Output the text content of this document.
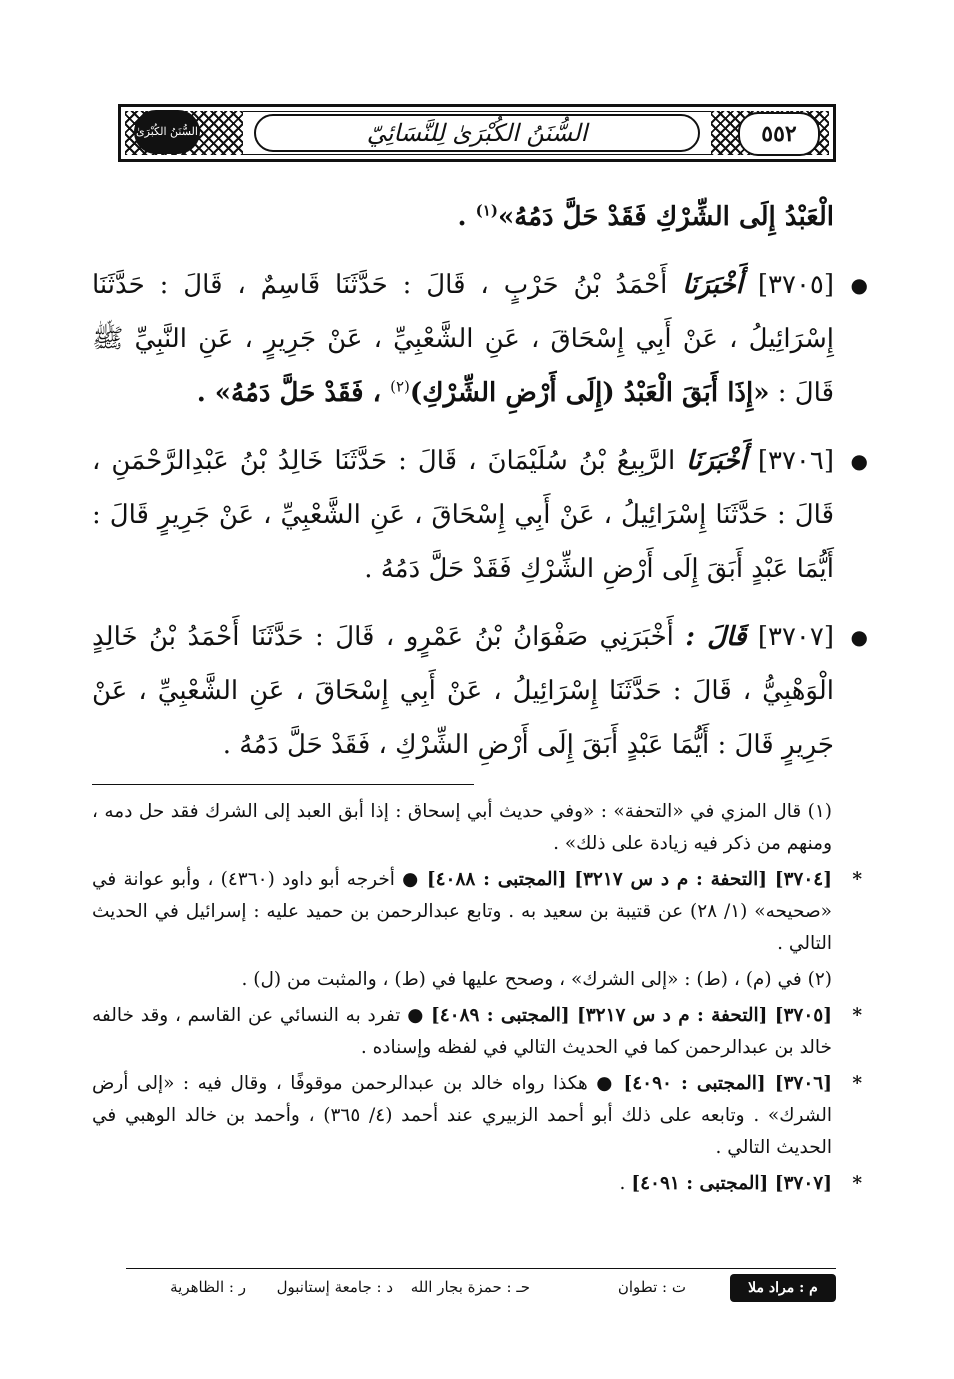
السُّنَنُ الكُبْرَىٰ	السُّنَنُ الكُبْرَىٰ لِلنَّسَائِيّ	٥٥٢

الْعَبْدُ إِلَى الشِّرْكِ فَقَدْ حَلَّ دَمُهُ»$^{(١)}$ .

●
[٣٧٠٥] أَخْبَرَنَا أَحْمَدُ بْنُ حَرْبٍ ، قَالَ : حَدَّثَنَا قَاسِمٌ ، قَالَ : حَدَّثَنَا إِسْرَائِيلُ ، عَنْ أَبِي إِسْحَاقَ ، عَنِ الشَّعْبِيِّ ، عَنْ جَرِيرٍ ، عَنِ النَّبِيِّ ﷺ قَالَ : «إِذَا أَبَقَ الْعَبْدُ (إِلَى أَرْضِ الشِّرْكِ)$^{(٢)}$ ، فَقَدْ حَلَّ دَمُهُ» .

●
[٣٧٠٦] أَخْبَرَنَا الرَّبِيعُ بْنُ سُلَيْمَانَ ، قَالَ : حَدَّثَنَا خَالِدُ بْنُ عَبْدِالرَّحْمَنِ ، قَالَ : حَدَّثَنَا إِسْرَائِيلُ ، عَنْ أَبِي إِسْحَاقَ ، عَنِ الشَّعْبِيِّ ، عَنْ جَرِيرٍ قَالَ : أَيُّمَا عَبْدٍ أَبَقَ إِلَى أَرْضِ الشِّرْكِ فَقَدْ حَلَّ دَمُهُ .

●
[٣٧٠٧] قَالَ : أَخْبَرَنِي صَفْوَانُ بْنُ عَمْرٍو ، قَالَ : حَدَّثَنَا أَحْمَدُ بْنُ خَالِدٍ الْوَهْبِيُّ ، قَالَ : حَدَّثَنَا إِسْرَائِيلُ ، عَنْ أَبِي إِسْحَاقَ ، عَنِ الشَّعْبِيِّ ، عَنْ جَرِيرٍ قَالَ : أَيُّمَا عَبْدٍ أَبَقَ إِلَى أَرْضِ الشِّرْكِ ، فَقَدْ حَلَّ دَمُهُ .

(١) قال المزي في «التحفة» : «وفي حديث أبي إسحاق : إذا أبق العبد إلى الشرك فقد حل دمه ، ومنهم من ذكر فيه زيادة على ذلك» .

*
[٣٧٠٤] [التحفة : م د س ٣٢١٧] [المجتبى : ٤٠٨٨] ● أخرجه أبو داود (٤٣٦٠) ، وأبو عوانة في «صحيحه» (١/ ٢٨) عن قتيبة بن سعيد به . وتابع عبدالرحمن بن حميد عليه : إسرائيل في الحديث التالي .

(٢) في (م) ، (ط) : «إلى الشرك» ، وصحح عليها في (ط) ، والمثبت من (ل) .

*
[٣٧٠٥] [التحفة : م د س ٣٢١٧] [المجتبى : ٤٠٨٩] ● تفرد به النسائي عن القاسم ، وقد خالفه خالد بن عبدالرحمن كما في الحديث التالي في لفظه وإسناده .

*
[٣٧٠٦] [المجتبى : ٤٠٩٠] ● هكذا رواه خالد بن عبدالرحمن موقوفًا ، وقال فيه : «إلى أرض الشرك» . وتابعه على ذلك أبو أحمد الزبيري عند أحمد (٤/ ٣٦٥) ، وأحمد بن خالد الوهبي في الحديث التالي .

*
[٣٧٠٧] [المجتبى : ٤٠٩١] .

م : مراد ملا
ت : تطوان
حـ : حمزة بجار الله
د : جامعة إستانبول
ر : الظاهرية
